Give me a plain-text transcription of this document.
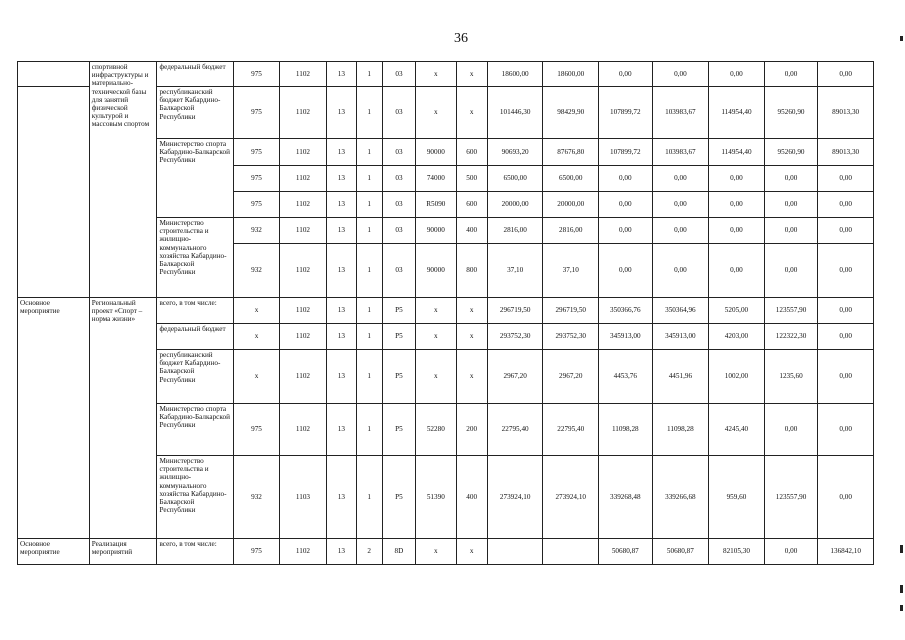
36
	спортивной инфраструктуры и материально-технической базы для занятий физической культурой и массовым спортом	федеральный бюджет	975	1102	13	1	03	х	х	18600,00	18600,00	0,00	0,00	0,00	0,00	0,00
		республиканский бюджет Кабардино-Балкарской Республики	975	1102	13	1	03	х	х	101446,30	98429,90	107899,72	103983,67	114954,40	95260,90	89013,30
		Министерство спорта Кабардино-Балкарской Республики	975	1102	13	1	03	90000	600	90693,20	87676,80	107899,72	103983,67	114954,40	95260,90	89013,30
			975	1102	13	1	03	74000	500	6500,00	6500,00	0,00	0,00	0,00	0,00	0,00
			975	1102	13	1	03	R5090	600	20000,00	20000,00	0,00	0,00	0,00	0,00	0,00
		Министерство строительства и жилищно-коммунального хозяйства Кабардино-Балкарской Республики	932	1102	13	1	03	90000	400	2816,00	2816,00	0,00	0,00	0,00	0,00	0,00
			932	1102	13	1	03	90000	800	37,10	37,10	0,00	0,00	0,00	0,00	0,00
Основное мероприятие	Региональный проект «Спорт – норма жизни»	всего, в том числе:	х	1102	13	1	P5	х	х	296719,50	296719,50	350366,76	350364,96	5205,00	123557,90	0,00
		федеральный бюджет	х	1102	13	1	P5	х	х	293752,30	293752,30	345913,00	345913,00	4203,00	122322,30	0,00
		республиканский бюджет Кабардино-Балкарской Республики	х	1102	13	1	P5	х	х	2967,20	2967,20	4453,76	4451,96	1002,00	1235,60	0,00
		Министерство спорта Кабардино-Балкарской Республики	975	1102	13	1	P5	52280	200	22795,40	22795,40	11098,28	11098,28	4245,40	0,00	0,00
		Министерство строительства и жилищно-коммунального хозяйства Кабардино-Балкарской Республики	932	1103	13	1	P5	51390	400	273924,10	273924,10	339268,48	339266,68	959,60	123557,90	0,00
Основное мероприятие	Реализация мероприятий	всего, в том числе:	975	1102	13	2	8D	х	х			50680,87	50680,87	82105,30	0,00	136842,10
